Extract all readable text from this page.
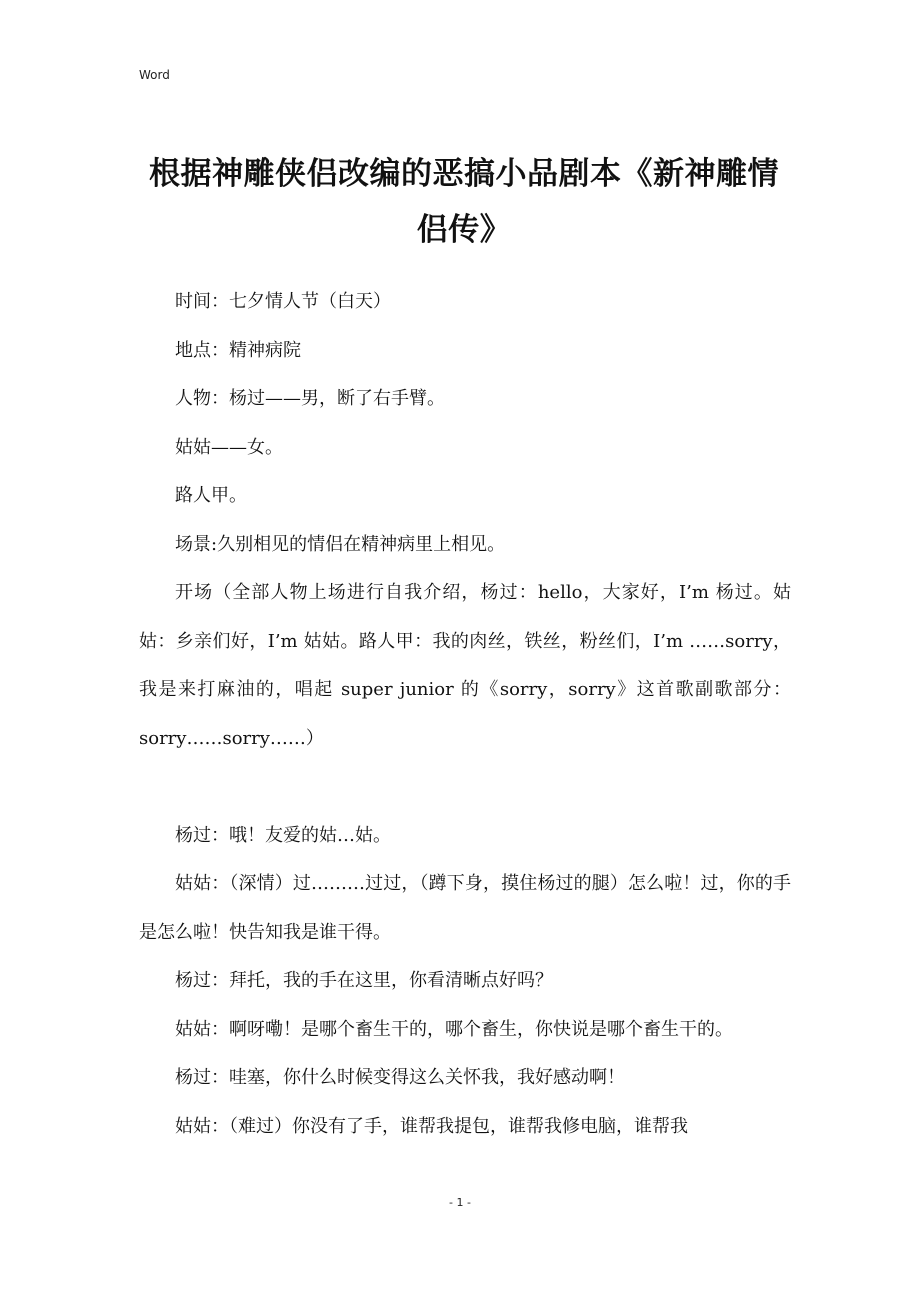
Word
根据神雕侠侣改编的恶搞小品剧本《新神雕情侣传》

时间：七夕情人节（白天）

地点：精神病院

人物：杨过——男，断了右手臂。

姑姑——女。

路人甲。

场景:久别相见的情侣在精神病里上相见。

开场（全部人物上场进行自我介绍，杨过：hello，大家好，I’m 杨过。姑姑：乡亲们好，I’m 姑姑。路人甲：我的肉丝，铁丝，粉丝们，I’m ……sorry，我是来打麻油的，唱起 super junior 的《sorry，sorry》这首歌副歌部分：sorry……sorry……）

杨过：哦！友爱的姑…姑。

姑姑：（深情）过………过过，（蹲下身，摸住杨过的腿）怎么啦！过，你的手是怎么啦！快告知我是谁干得。

杨过：拜托，我的手在这里，你看清晰点好吗？

姑姑：啊呀嘞！是哪个畜生干的，哪个畜生，你快说是哪个畜生干的。

杨过：哇塞，你什么时候变得这么关怀我，我好感动啊！

姑姑：（难过）你没有了手，谁帮我提包，谁帮我修电脑，谁帮我

- 1 -
